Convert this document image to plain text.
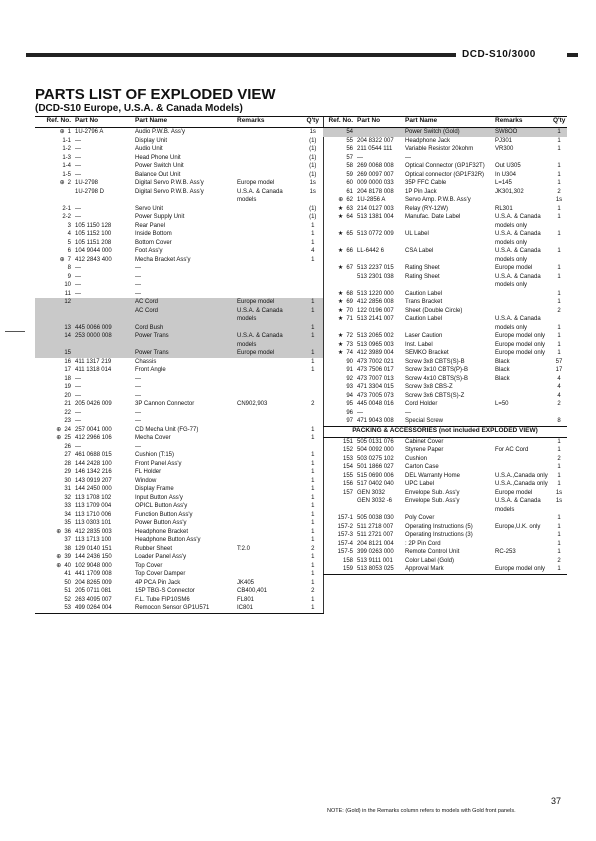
DCD-S10/3000
PARTS LIST OF EXPLODED VIEW
(DCD-S10 Europe, U.S.A. & Canada Models)
Ref. No.	Part No	Part Name	Remarks	Q'ty
⊕ 1	1U-2796 A	Audio P.W.B. Ass'y		1s
1-1	—	Display Unit		(1)
1-2	—	Audio Unit		(1)
1-3	—	Head Phone Unit		(1)
1-4	—	Power Switch Unit		(1)
1-5	—	Balance Out Unit		(1)
⊕ 2	1U-2798	Digital Servo P.W.B. Ass'y	Europe model	1s
	1U-2798 D	Digital Servo P.W.B. Ass'y	U.S.A. & Canada	1s
			models	
2-1	—	Servo Unit		(1)
2-2	—	Power Supply Unit		(1)
3	105 1150 128	Rear Panel		1
4	105 1152 100	Inside Bottom		1
5	105 1151 208	Bottom Cover		1
6	104 9044 000	Foot Ass'y		4
⊕ 7	412 2843 400	Mecha Bracket Ass'y		1
8	—	—		
9	—	—		
10	—	—		
11	—	—		
12		AC Cord	Europe model	1
		AC Cord	U.S.A. & Canada	1
			models	
13	445 0066 009	Cord Bush		1
14	253 0000 008	Power Trans	U.S.A. & Canada	1
			models	
15		Power Trans	Europe model	1
16	411 1317 219	Chassis		1
17	411 1318 014	Front Angle		1
18	—	—		
19	—	—		
20	—	—		
21	205 0426 009	3P Cannon Connector	CN902,903	2
22	—	—		
23	—	—		
⊕ 24	257 0041 000	CD Mecha Unit (FG-77)		1
⊕ 25	412 2966 106	Mecha Cover		1
26	—	—		
27	461 0688 015	Cushion (T:15)		1
28	144 2428 100	Front Panel Ass'y		1
29	146 1342 216	FL Holder		1
30	143 0919 207	Window		1
31	144 2450 000	Display Frame		1
32	113 1708 102	Input Button Ass'y		1
33	113 1709 004	OPICL Button Ass'y		1
34	113 1710 006	Function Button Ass'y		1
35	113 0303 101	Power Button Ass'y		1
⊕ 36	412 2835 003	Headphone Bracket		1
37	113 1713 100	Headphone Button Ass'y		1
38	129 0140 151	Rubber Sheet	T:2.0	2
⊕ 39	144 2436 150	Loader Panel Ass'y		1
⊕ 40	102 9048 000	Top Cover		1
41	441 1709 008	Top Cover Damper		1
50	204 8265 009	4P PCA Pin Jack	JK405	1
51	205 0711 081	15P TBG-S Connector	CB400,401	2
52	263 4095 007	F.L. Tube FIP10SM6	FL801	1
53	499 0264 004	Remocon Sensor GP1U571	IC801	1
Ref. No.	Part No	Part Name	Remarks	Q'ty
54		Power Switch (Gold)	SW8OO	1
55	204 8322 007	Headphone Jack	PJ301	1
56	211 0544 111	Variable Resistor 20kohm	VR300	1
57	—	—		
58	269 0068 008	Optical Connector (GP1F32T)	Out U305	1
59	269 0097 007	Optical connector (GP1F32R)	In U304	1
60	009 0000 033	35P FFC Cable	L=145	1
61	204 8178 008	1P Pin Jack	JK301,302	2
⊕ 62	1U-2856 A	Servo Amp. P.W.B. Ass'y		1s
★ 63	214 0127 003	Relay (RY-12W)	RL301	1
★ 64	513 1381 004	Manufac. Date Label	U.S.A. & Canada	1
			models only	
★ 65	513 0772 009	UL Label	U.S.A. & Canada	1
			models only	
★ 66	LL-6442 6	CSA Label	U.S.A. & Canada	1
			models only	
★ 67	513 2237 015	Rating Sheet	Europe model	1
	513 2301 038	Rating Sheet	U.S.A. & Canada	1
			models only	
★ 68	513 1220 000	Caution Label		1
★ 69	412 2856 008	Trans Bracket		1
★ 70	122 0196 007	Sheet (Double Circle)		2
★ 71	513 2141 007	Caution Label	U.S.A. & Canada	
			models only	1
★ 72	513 2065 002	Laser Caution	Europe model only	1
★ 73	513 0965 003	Inst. Label	Europe model only	1
★ 74	412 3989 004	SEMKO Bracket	Europe model only	1

90	473 7002 021	Screw 3x8 CBTS(S)-B	Black	57
91	473 7506 017	Screw 3x10 CBTS(P)-B	Black	17
92	473 7007 013	Screw 4x10 CBTS(S)-B	Black	4
93	471 3304 015	Screw 3x8 CBS-Z		4
94	473 7005 073	Screw 3x6 CBTS(S)-Z		4
95	445 0048 016	Cord Holder	L=50	2
96	—	—		
97	471 9043 008	Special Screw		8
PACKING & ACCESSORIES (not included EXPLODED VIEW)				
151	505 0131 076	Cabinet Cover		1
152	504 0092 000	Styrene Paper	For AC Cord	1
153	503 0275 102	Cushion		2
154	501 1866 027	Carton Case		1
155	515 0690 006	DEL Warranty Home	U.S.A.,Canada only	1
156	517 0402 040	UPC Label	U.S.A.,Canada only	1
157	GEN 3032	Envelope Sub. Ass'y	Europe model	1s
	GEN 3032 -6	Envelope Sub. Ass'y	U.S.A. & Canada	1s
			models	
157-1	505 0038 030	Poly Cover		1
157-2	511 2718 007	Operating Instructions (5)	Europe,U.K. only	1
157-3	511 2721 007	Operating Instructions (3)		1
157-4	204 8121 004	: 2P Pin Cord		1
157-5	399 0263 000	Remote Control Unit	RC-253	1
158	513 9111 001	Color Label (Gold)		2
159	513 8053 025	Approval Mark	Europe model only	1
NOTE: (Gold) in the Remarks column refers to models with Gold front panels.
37
